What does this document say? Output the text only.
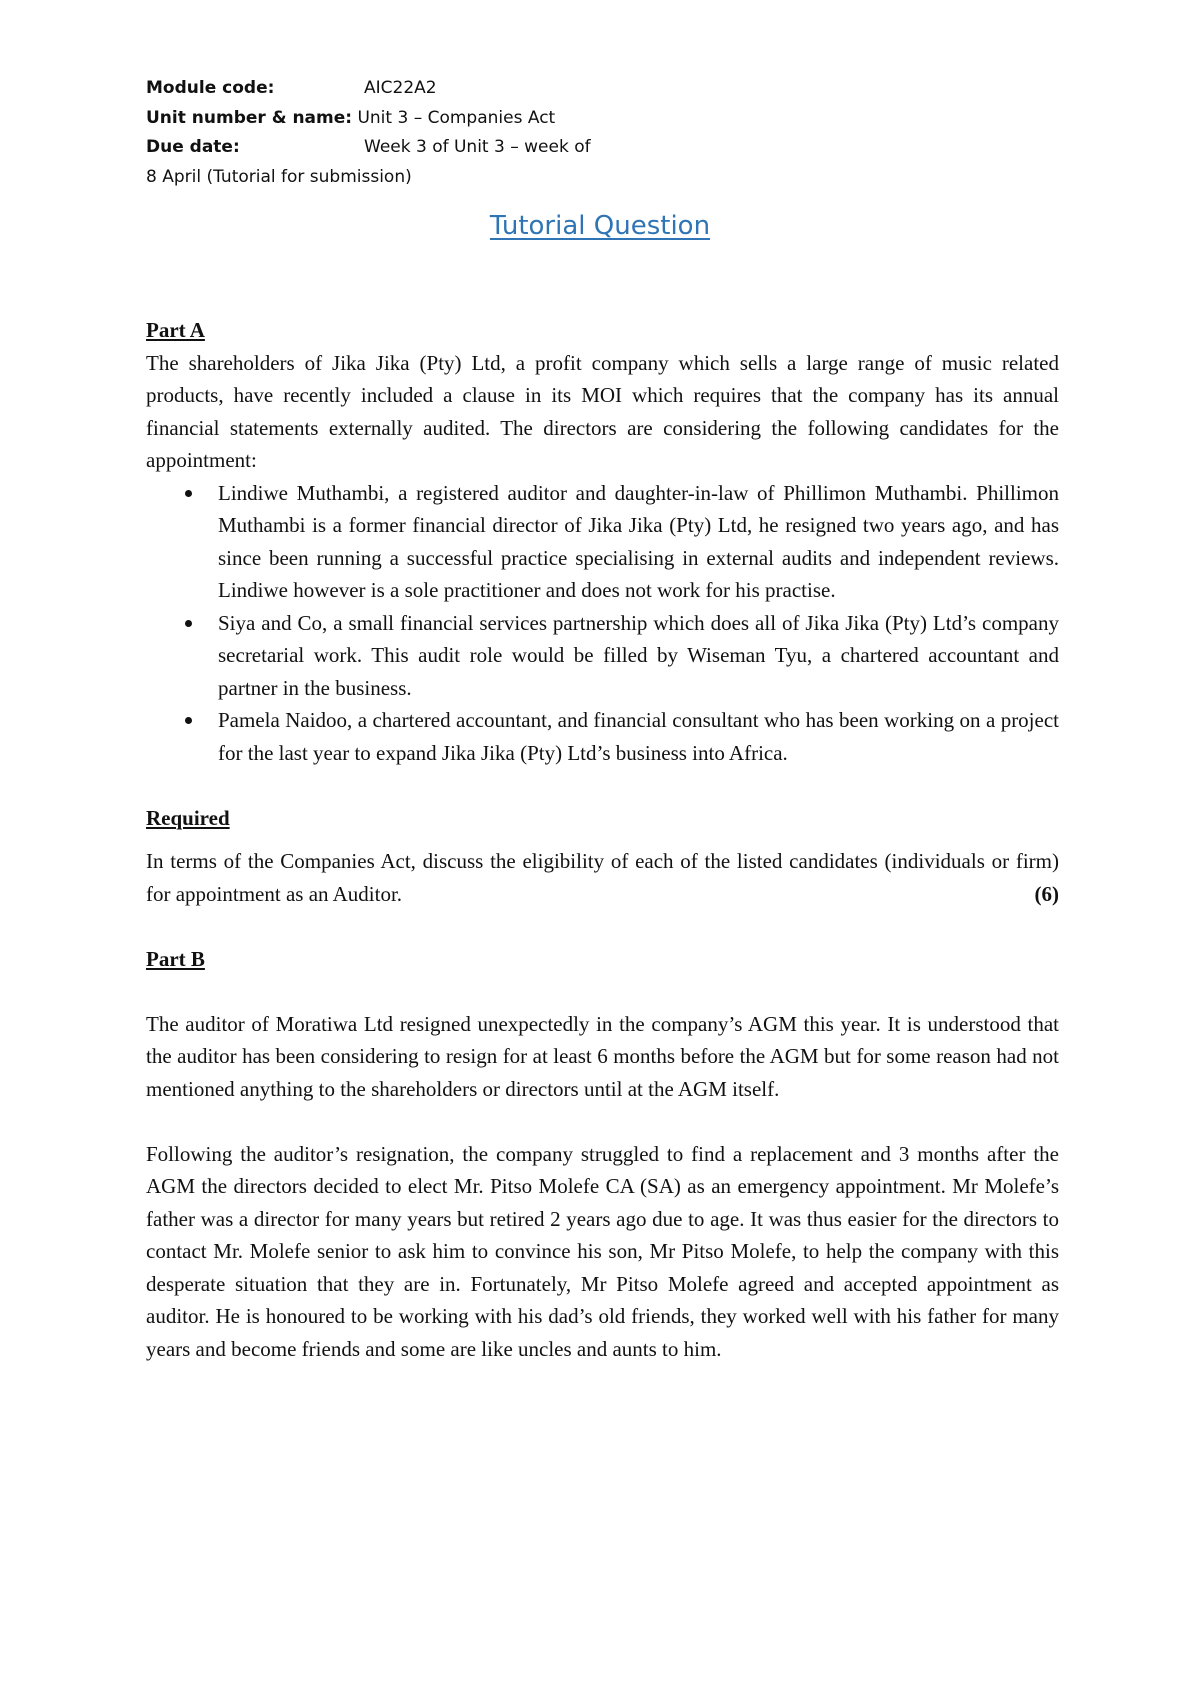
Module code:	AIC22A2
Unit number & name: Unit 3 – Companies Act
Due date:	Week 3 of Unit 3 – week of
8 April (Tutorial for submission)
Tutorial Question

Part A

The shareholders of Jika Jika (Pty) Ltd, a profit company which sells a large range of music related products, have recently included a clause in its MOI which requires that the company has its annual financial statements externally audited. The directors are considering the following candidates for the appointment:

Lindiwe Muthambi, a registered auditor and daughter-in-law of Phillimon Muthambi. Phillimon Muthambi is a former financial director of Jika Jika (Pty) Ltd, he resigned two years ago, and has since been running a successful practice specialising in external audits and independent reviews. Lindiwe however is a sole practitioner and does not work for his practise.
Siya and Co, a small financial services partnership which does all of Jika Jika (Pty) Ltd’s company secretarial work. This audit role would be filled by Wiseman Tyu, a chartered accountant and partner in the business.
Pamela Naidoo, a chartered accountant, and financial consultant who has been working on a project for the last year to expand Jika Jika (Pty) Ltd’s business into Africa.

Required

In terms of the Companies Act, discuss the eligibility of each of the listed candidates (individuals or firm) for appointment as an Auditor.	(6)

Part B

The auditor of Moratiwa Ltd resigned unexpectedly in the company’s AGM this year. It is understood that the auditor has been considering to resign for at least 6 months before the AGM but for some reason had not mentioned anything to the shareholders or directors until at the AGM itself.

Following the auditor’s resignation, the company struggled to find a replacement and 3 months after the AGM the directors decided to elect Mr. Pitso Molefe CA (SA) as an emergency appointment. Mr Molefe’s father was a director for many years but retired 2 years ago due to age. It was thus easier for the directors to contact Mr. Molefe senior to ask him to convince his son, Mr Pitso Molefe, to help the company with this desperate situation that they are in. Fortunately, Mr Pitso Molefe agreed and accepted appointment as auditor. He is honoured to be working with his dad’s old friends, they worked well with his father for many years and become friends and some are like uncles and aunts to him.
